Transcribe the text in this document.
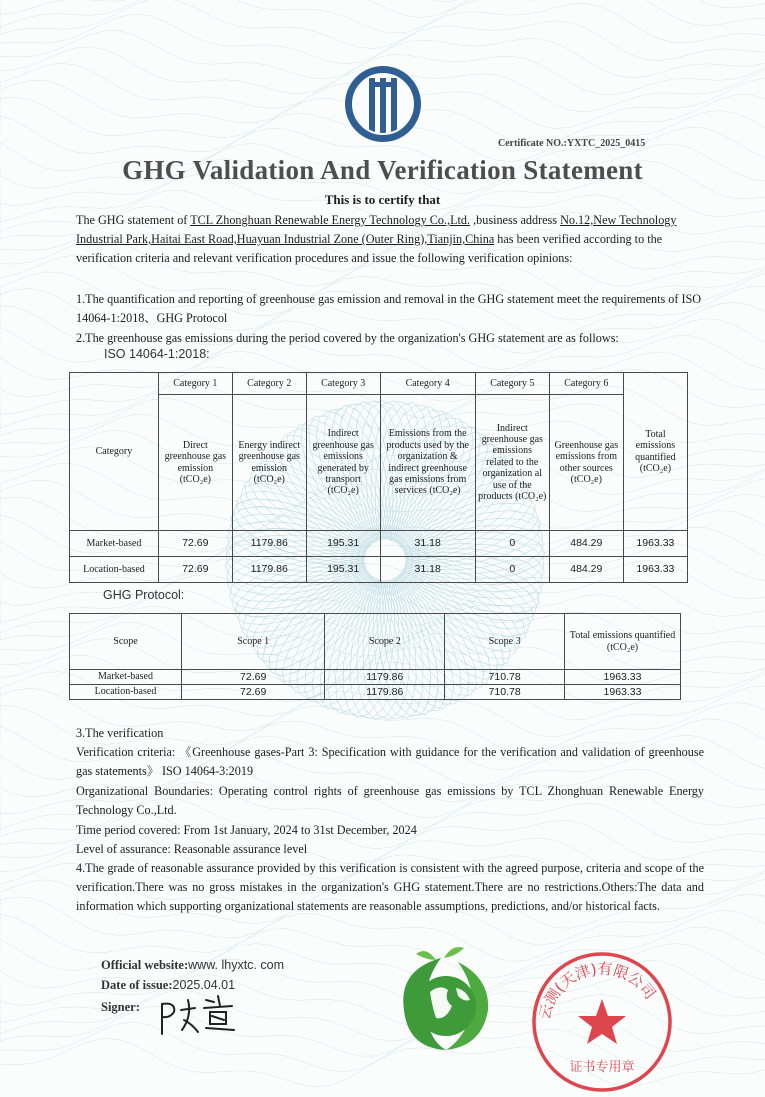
Certificate NO.:YXTC_2025_0415
GHG Validation And Verification Statement
This is to certify that
The GHG statement of TCL Zhonghuan Renewable Energy Technology Co.,Ltd. ,business address No.12,New Technology Industrial Park,Haitai East Road,Huayuan Industrial Zone (Outer Ring),Tianjin,China has been verified according to the verification criteria and relevant verification procedures and issue the following verification opinions:
1.The quantification and reporting of greenhouse gas emission and removal in the GHG statement meet the requirements of ISO 14064-1:2018、GHG Protocol
2.The greenhouse gas emissions during the period covered by the organization's GHG statement are as follows:
ISO 14064-1:2018:
Category	Category 1	Category 2	Category 3	Category 4	Category 5	Category 6	Total emissions quantified (tCO₂e)
	Direct greenhouse gas emission (tCO₂e)	Energy indirect greenhouse gas emission (tCO₂e)	Indirect greenhouse gas emissions generated by transport (tCO₂e)	Emissions from the products used by the organization & indirect greenhouse gas emissions from services (tCO₂e)	Indirect greenhouse gas emissions related to the organization al use of the products (tCO₂e)	Greenhouse gas emissions from other sources (tCO₂e)	
Market-based	72.69	1179.86	195.31	31.18	0	484.29	1963.33
Location-based	72.69	1179.86	195.31	31.18	0	484.29	1963.33
GHG Protocol:
Scope	Scope 1	Scope 2	Scope 3	Total emissions quantified (tCO₂e)
Market-based	72.69	1179.86	710.78	1963.33
Location-based	72.69	1179.86	710.78	1963.33
3.The verification
Verification criteria: 《Greenhouse gases-Part 3: Specification with guidance for the verification and validation of greenhouse gas statements》 ISO 14064-3:2019
Organizational Boundaries: Operating control rights of greenhouse gas emissions by TCL Zhonghuan Renewable Energy Technology Co.,Ltd.
Time period covered: From 1st January, 2024 to 31st December, 2024
Level of assurance: Reasonable assurance level
4.The grade of reasonable assurance provided by this verification is consistent with the agreed purpose, criteria and scope of the verification.There was no gross mistakes in the organization's GHG statement.There are no restrictions.Others:The data and information which supporting organizational statements are reasonable assumptions, predictions, and/or historical facts.
Official website:www. lhyxtc. com
Date of issue:2025.04.01
Signer:	云测(天津)有限公司
证书专用章
